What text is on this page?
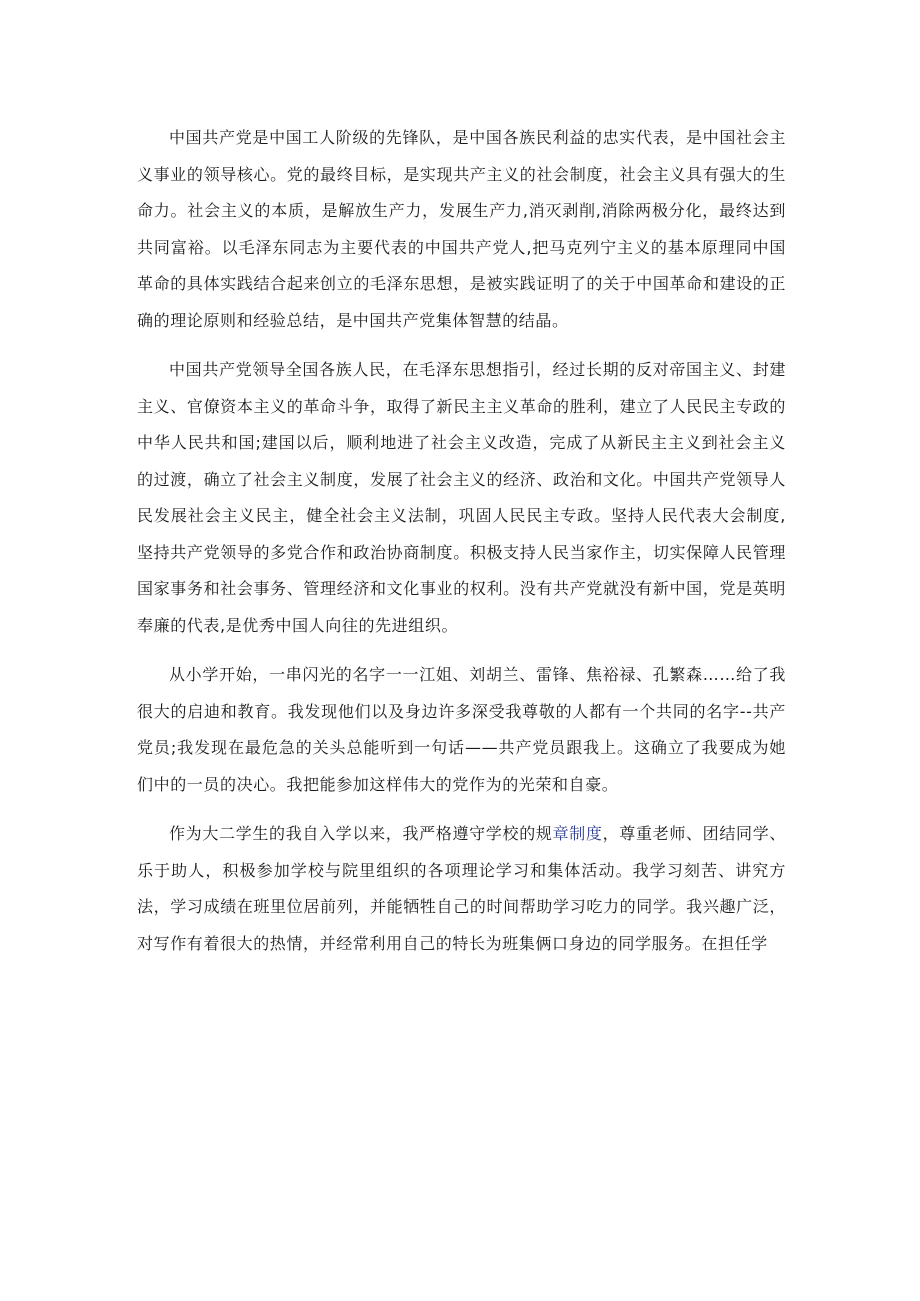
中国共产党是中国工人阶级的先锋队，是中国各族民利益的忠实代表，是中国社会主义事业的领导核心。党的最终目标，是实现共产主义的社会制度，社会主义具有强大的生命力。社会主义的本质，是解放生产力，发展生产力,消灭剥削,消除两极分化，最终达到共同富裕。以毛泽东同志为主要代表的中国共产党人,把马克列宁主义的基本原理同中国革命的具体实践结合起来创立的毛泽东思想，是被实践证明了的关于中国革命和建设的正确的理论原则和经验总结，是中国共产党集体智慧的结晶。

中国共产党领导全国各族人民，在毛泽东思想指引，经过长期的反对帝国主义、封建主义、官僚资本主义的革命斗争，取得了新民主主义革命的胜利，建立了人民民主专政的中华人民共和国;建国以后，顺利地进了社会主义改造，完成了从新民主主义到社会主义的过渡，确立了社会主义制度，发展了社会主义的经济、政治和文化。中国共产党领导人民发展社会主义民主，健全社会主义法制，巩固人民民主专政。坚持人民代表大会制度,坚持共产党领导的多党合作和政治协商制度。积极支持人民当家作主，切实保障人民管理国家事务和社会事务、管理经济和文化事业的权利。没有共产党就没有新中国，党是英明奉廉的代表,是优秀中国人向往的先进组织。

从小学开始，一串闪光的名字一一江姐、刘胡兰、雷锋、焦裕禄、孔繁森……给了我很大的启迪和教育。我发现他们以及身边许多深受我尊敬的人都有一个共同的名字--共产党员;我发现在最危急的关头总能听到一句话——共产党员跟我上。这确立了我要成为她们中的一员的决心。我把能参加这样伟大的党作为的光荣和自豪。

作为大二学生的我自入学以来，我严格遵守学校的规章制度，尊重老师、团结同学、乐于助人，积极参加学校与院里组织的各项理论学习和集体活动。我学习刻苦、讲究方法，学习成绩在班里位居前列，并能牺牲自己的时间帮助学习吃力的同学。我兴趣广泛，对写作有着很大的热情，并经常利用自己的特长为班集俩口身边的同学服务。在担任学
